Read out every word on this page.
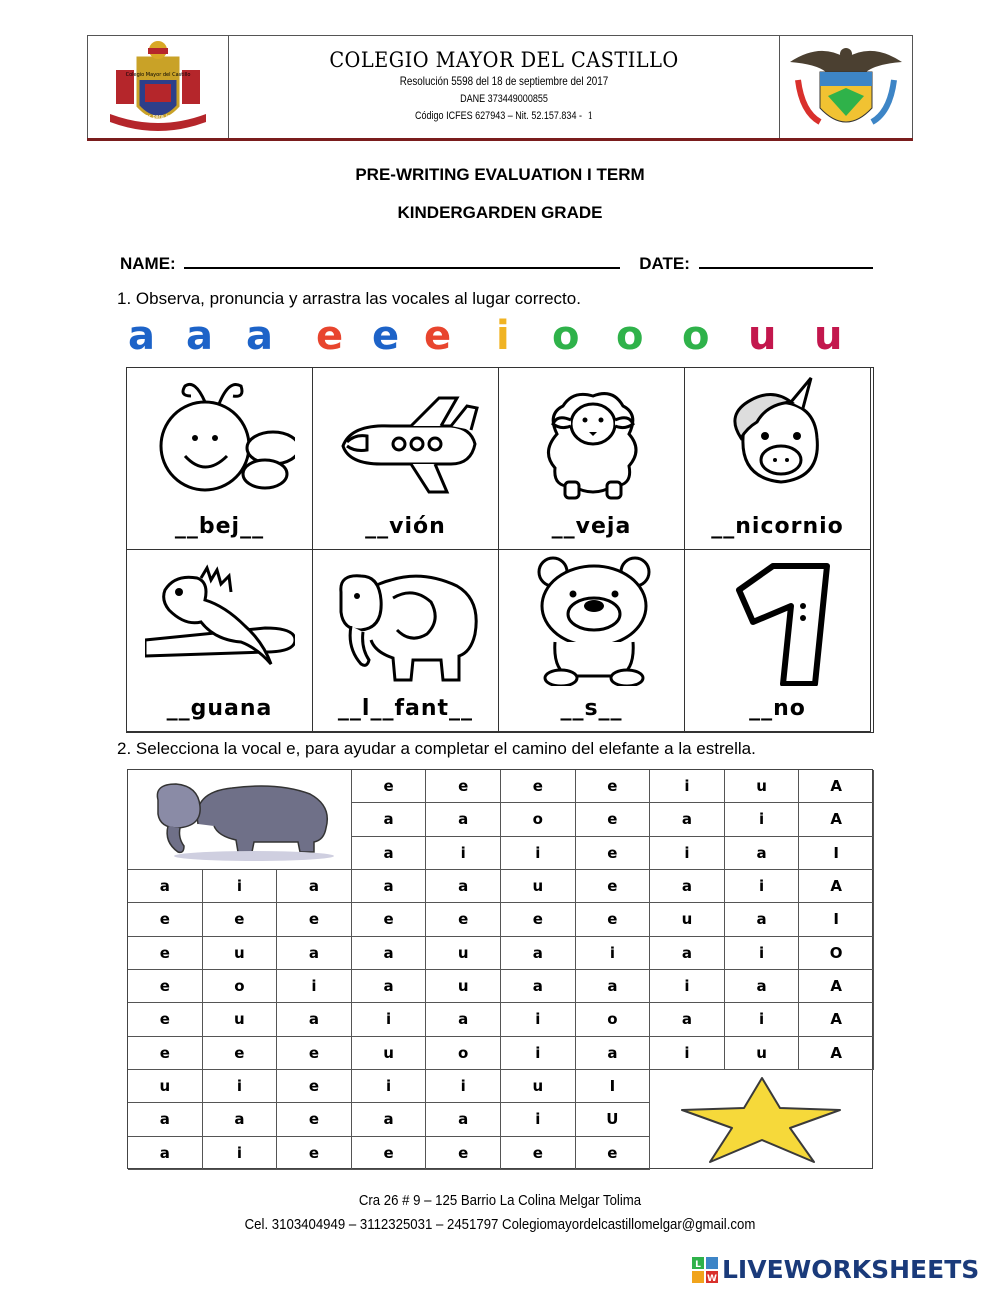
Colegio Mayor del Castillo
Educar para la Vida
COLEGIO MAYOR DEL CASTILLO
Resolución 5598 del 18 de septiembre del 2017
DANE 373449000855
Código ICFES 627943 – Nit. 52.157.834 - 1
PRE-WRITING EVALUATION I TERM
KINDERGARDEN GRADE
NAME:	DATE:
1. Observa, pronuncia y arrastra las vocales al lugar correcto.
a a a e e e i o o o u u
__bej__	__vión	__veja	__nicornio
__guana	__l__fant__	__s__	__no
2. Selecciona la vocal e, para ayudar a completar el camino del elefante a la estrella.
e	e	e	e	i	u	A
a	a	o	e	a	i	A
a	i	i	e	i	a	I
a	i	a	a	a	u	e	a	i	A
e	e	e	e	e	e	e	u	a	I
e	u	a	a	u	a	i	a	i	O
e	o	i	a	u	a	a	i	a	A
e	u	a	i	a	i	o	a	i	A
e	e	e	u	o	i	a	i	u	A
u	i	e	i	i	u	I
a	a	e	a	a	i	U
a	i	e	e	e	e	e
Cra 26 # 9 – 125 Barrio La Colina Melgar Tolima
Cel. 3103404949 – 3112325031 – 2451797 Colegiomayordelcastillomelgar@gmail.com
L
W LIVEWORKSHEETS
